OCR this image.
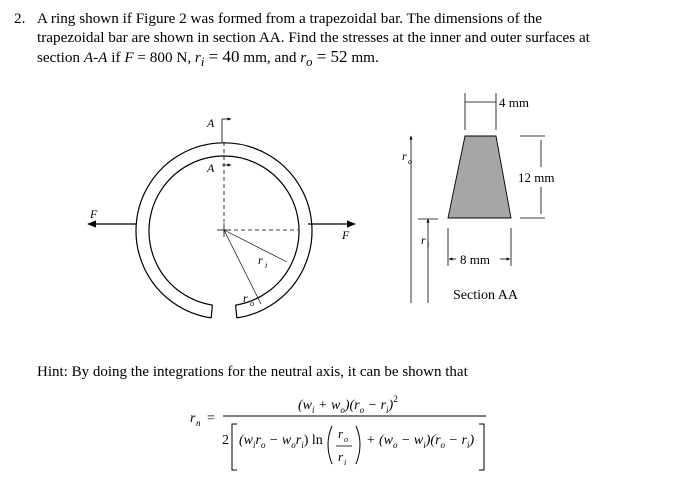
2. A ring shown if Figure 2 was formed from a trapezoidal bar. The dimensions of the
trapezoidal bar are shown in section AA. Find the stresses at the inner and outer surfaces at
section A-A if F = 800 N, $r_i = 40$ mm, and $r_o = 52$ mm.
A
A
F
F
r i
r o
r o
r i
4 mm
12 mm
8 mm
Section AA
Hint: By doing the integrations for the neutral axis, it can be shown that
r n =
$(w_i + w_o)(r_o - r_i)^2$
2 $(w_ir_o - w_or_i)$ ln r o
r i
+ $(w_o - w_i)(r_o - r_i)$
